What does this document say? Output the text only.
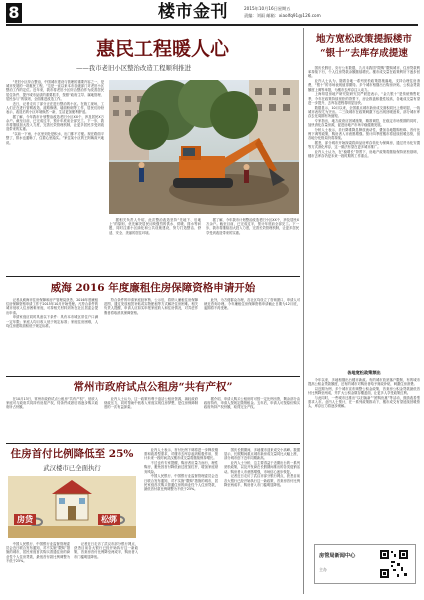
8	楼市金刊	2015年10月16日星期五
责编：刘雨 邮箱：xiaolfq91@126.com
惠民工程暖人心
——我市老旧小区整治改造工程顺利推进

“老旧小区综合整治，中国城市建设与管理的重要内容之一，是城市发展的一项惠民工程。”这是一直以来本市各级部门对老旧小区整治工作的定位。近年来，我市将老旧小区综合整治作为改善居民居住条件、提升城市品质的重要抓手，按照“政府主导、属地管理、居民参与”的原则，全面推进改造工作。

近日，记者走访了部分正在进行整治的小区。在施工现场，工人们正在进行管网改造、道路修缮、墙面粉刷等工作，居民们纷纷表示，改造后的小区环境焕然一新，生活更加便利舒适。

据了解，今年我市计划整治改造老旧小区XX个，涉及居民X万余户。截至目前，已完成过半，预计年底前全部完工。下一步，我市将继续加大投入力度，完善长效管理机制，让更多居民享受到改造带来的实惠。

“以前一下雨，小区里到处是积水，出门都不方便。现在路面平整了，排水也通畅了，住着心里踏实。”家住某小区的王阿姨高兴地说。

据相关负责人介绍，此次整治改造坚持“先地下、后地上”的原则，优先解决居民反映强烈的供水、供暖、排水等问题，同时注重小区绿化和公共设施建设，努力打造整洁、舒适、安全、美丽的居住环境。

据了解，今年我市计划整治改造老旧小区XX个，涉及居民X万余户。截至目前，已完成过半，预计年底前全部完工。下一步，我市将继续加大投入力度，完善长效管理机制，让更多居民享受到改造带来的实惠。

地方宽松政策提振楼市
“银十”去库存成提速

国庆长假后，央行公布数据，九月末我国“限购”限购城市，住房贷款利率持续下行，个人住房贷款余额继续增长。楼市成交量在政策利好下逐步回暖。

业内人士认为，随着各地一系列宽松政策措施落地，支持合理住房消费，“银十”的市场表现值得期待。多个城市相继出台购房补贴、公积金贷款额度上调等举措，为楼市去库存注入动力。

上海易居房地产研究院研究员严跃进表示，“金九银十”是传统销售旺季，今年在政策持续宽松的背景下，房企推盘积极性较高，各地成交量有望进一步提升，去库存进程将明显加快。

数据显示，10月以来，全国重点城市新房成交面积同比上涨明显，一线城市表现尤为突出。二三线城市在政策刺激下也出现回暖迹象，部分城市库存去化周期有所缩短。

专家指出，地方政府应因城施策，精准调控，在稳定市场预期的同时，加快消化存量房源，促进房地产市场平稳健康发展。

分析人士表示，央行降准降息释放流动性，叠加各地限购松绑、首付比例下调等政策，购房者入市意愿增强。预计四季度楼市将延续回暖态势，但各地分化格局仍将持续。

据悉，部分城市开始探索将商品房库存转化为保障房，通过货币化安置等方式消化库存，这一做法有望在更多城市推广。

业内人士认为，在“稳增长”背景下，房地产政策将继续保持宽松基调，楼市去库存仍是未来一段时期的工作重点。

各地宽松政策频出

今年以来，多地相继出台楼市新政。有的城市放宽落户限制，有的城市提高公积金贷款额度，还有的城市对购房者给予财政补贴，刺激住房消费。

以近期为例，多个城市宣布调整公积金政策，首套房公积金贷款最低首付比例降至两成，并扩大公积金缴存覆盖面，让更多人享受政策红利。

与此同时，一些城市还推出“以旧换新”“团购优惠”等活动，鼓励改善型需求入市。业内人士预计，在一系列政策推动下，楼市成交有望延续回暖势头，库存压力将逐步缓解。

房管局新闻中心
主办
威海 2016 年度廉租住房保障资格申请开始

记者从威海市住房保障和房产管理局获悉，2016年度廉租住房保障资格申请工作于2015年10月开始受理。凡符合条件的城市低收入住房困难家庭，可持相关材料到所在社区居委会提出申请。

申请家庭应同时具备以下条件：具有本市城区常住户口满一定年限；家庭人均月收入低于规定标准；家庭住房困难，人均住房建筑面积低于规定标准。

符合条件的申请家庭经审核、公示后，将纳入廉租住房保障范围，通过发放租赁补贴或实物配租等方式解决住房困难。相关负责人提醒，申请人应如实申报家庭收入和住房情况，对弄虚作假者将取消其保障资格。

此外，为方便群众办理，各社区均设立了咨询窗口，申请人可就近咨询办理。今年廉租住房保障资格申请截止日期为12月底，逾期将不再受理。

常州市政府试点公租房“共有产权”

在10月13日，常州市政府试点公租房“共有产权”，低收入家庭可与政府共同持有房屋产权，待条件成熟后再逐步购买政府所占份额。

业内人士认为，这一政策有利于盘活公租房资源，减轻政府财政压力，同时帮助中低收入家庭实现住房梦想，是住房保障制度的一次有益探索。

据介绍，申请人购买公租房时可按一定比例出资，剩余部分由政府持有，申请人按规定缴纳租金。五年后，申请人可按原价购买政府所持产权份额，取得完全产权。

住房首付比例降低至 25%
武汉楼市已全面执行
房贷	松绑

中国人民银行、中国银行业监督管理委员会近日联合发布通知，对不实施“限购”措施的城市，居民家庭首次购买普通住房的商业性个人住房贷款，最低首付款比例调整为不低于25%。

记者近日走访了武汉市部分银行网点，获悉目前各大银行已经开始执行这一新政策，首套房首付比例降至两成半，购房者入市门槛明显降低。

业内人士表示，首付比例下调将进一步释放刚需和改善型需求，对楼市去库存起到积极作用，预计未来一段时间武汉楼市成交量将继续保持增长。

不过也有专家提醒，购房者应量力而行，理性购房，避免因首付降低而过度加杠杆，增加家庭财务风险。

中国人民银行、中国银行业监督管理委员会近日联合发布通知，对不实施“限购”措施的城市，居民家庭首次购买普通住房的商业性个人住房贷款，最低首付款比例调整为不低于25%。

国庆长假期间，多地楼市迎来成交小高峰。数据显示，长假期间重点城市新房成交量同比大幅上涨，部分城市创下近年同期新高。

业内人士分析，这主要得益于近期出台的一系列宽松政策，以及开发商在长假期间推出的各类促销活动。购房者入市意愿增强，市场信心逐步恢复。

记者近日走访了武汉市部分银行网点，获悉目前各大银行已经开始执行这一新政策，首套房首付比例降至两成半，购房者入市门槛明显降低。
